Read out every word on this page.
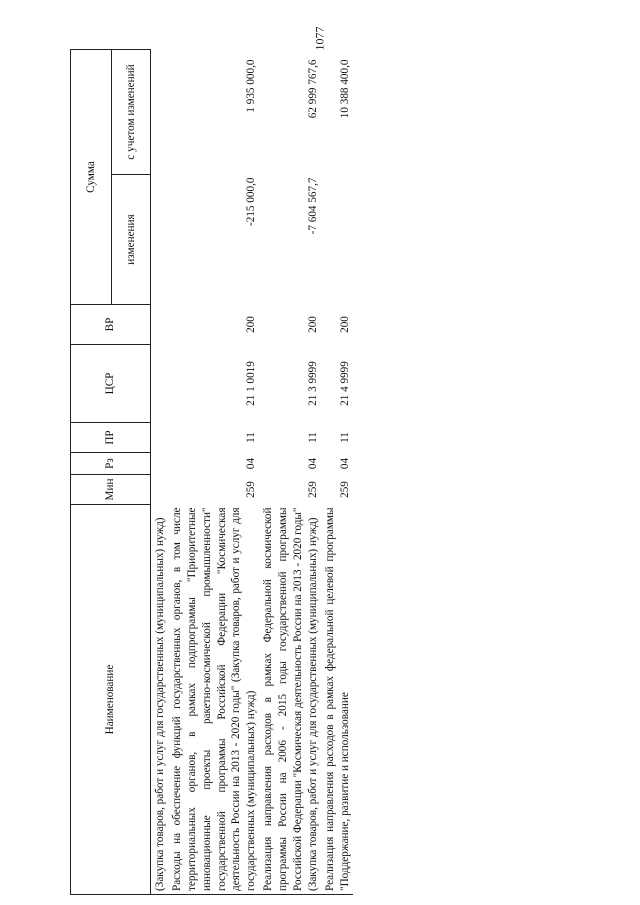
1077
Наименование	Мин	Рз	ПР	ЦСР	ВР	Сумма	
						изменения	с учетом изменений
(Закупка товаров, работ и услуг для государственных (муниципальных) нужд)							
Расходы на обеспечение функций государственных органов, в том числе территориальных органов, в рамках подпрограммы "Приоритетные инновационные проекты ракетно-космической промышленности" государственной программы Российской Федерации "Космическая деятельность России на 2013 - 2020 годы" (Закупка товаров, работ и услуг для государственных (муниципальных) нужд)	259	04	11	21 1 0019	200	-215 000,0	1 935 000,0
Реализация направления расходов в рамках Федеральной космической программы России на 2006 - 2015 годы государственной программы Российской Федерации "Космическая деятельность России на 2013 - 2020 годы" (Закупка товаров, работ и услуг для государственных (муниципальных) нужд)	259	04	11	21 3 9999	200	-7 604 567,7	62 999 767,6
Реализация направления расходов в рамках федеральной целевой программы "Поддержание, развитие и использование	259	04	11	21 4 9999	200		10 388 400,0
